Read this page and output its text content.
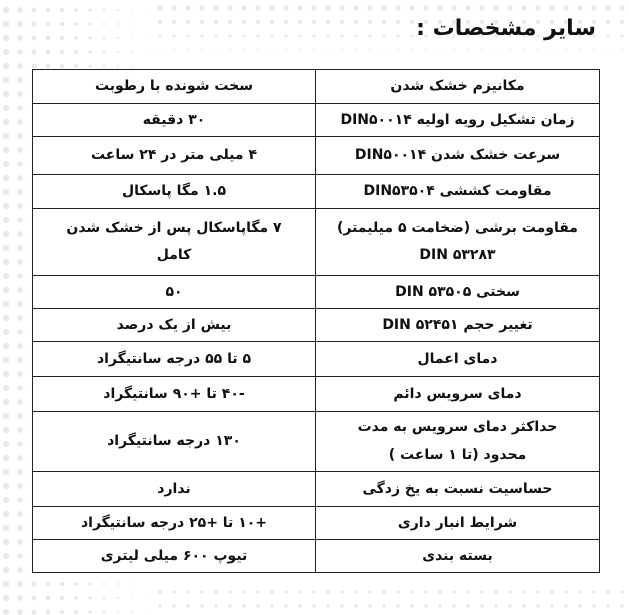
سایر مشخصات :
مکانیزم خشک شدن	سخت شونده با رطوبت

زمان تشکیل رویه اولیه DIN۵۰۰۱۴	۳۰ دقیقه

سرعت خشک شدن DIN۵۰۰۱۴	۴ میلی متر در ۲۴ ساعت

مقاومت کششی DIN۵۳۵۰۴	۱.۵ مگا پاسکال

مقاومت برشی (ضخامت ۵ میلیمتر)
DIN ۵۳۲۸۳	۷ مگاپاسکال پس از خشک شدن
کامل

سختی DIN ۵۳۵۰۵	۵۰

تغییر حجم DIN ۵۲۴۵۱	بیش از یک درصد

دمای اعمال	۵ تا ۵۵ درجه سانتیگراد

دمای سرویس دائم	-۴۰ تا +۹۰ سانتیگراد

حداکثر دمای سرویس به مدت
محدود (تا ۱ ساعت )	۱۳۰ درجه سانتیگراد

حساسیت نسبت به یخ زدگی	ندارد

شرایط انبار داری	+۱۰ تا +۲۵ درجه سانتیگراد

بسته بندی	تیوپ ۶۰۰ میلی لیتری
